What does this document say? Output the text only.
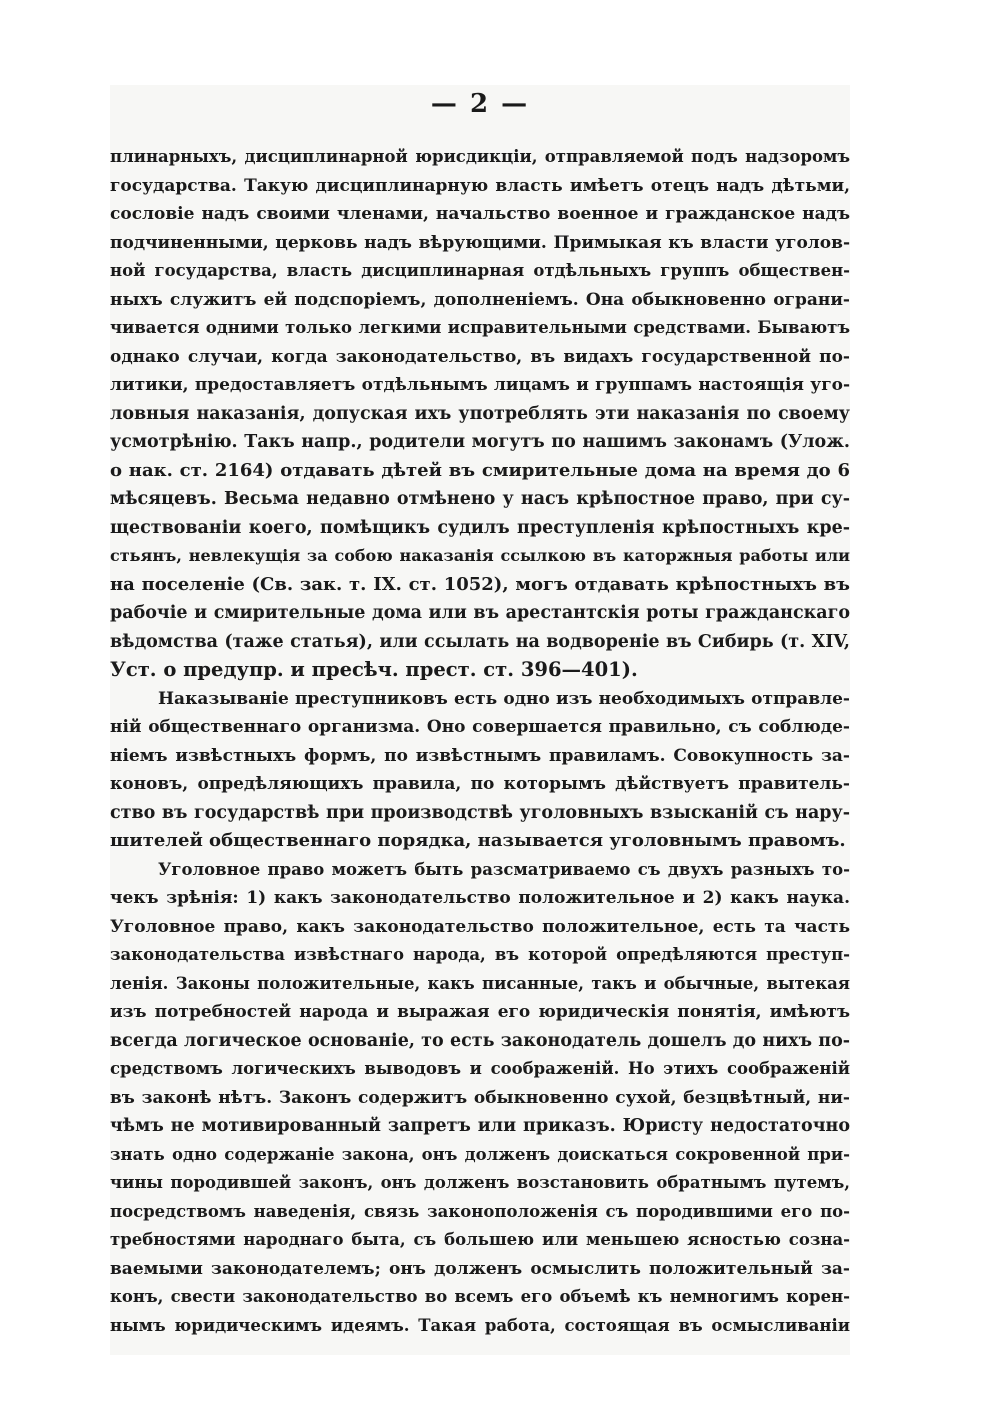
— 2 —
плинарныхъ, дисциплинарной юрисдикціи, отправляемой подъ надзоромъ
государства. Такую дисциплинарную власть имѣетъ отецъ надъ дѣтьми,
сословіе надъ своими членами, начальство военное и гражданское надъ
подчиненными, церковь надъ вѣрующими. Примыкая къ власти уголов-
ной государства, власть дисциплинарная отдѣльныхъ группъ обществен-
ныхъ служитъ ей подспоріемъ, дополненіемъ. Она обыкновенно ограни-
чивается одними только легкими исправительными средствами. Бываютъ
однако случаи, когда законодательство, въ видахъ государственной по-
литики, предоставляетъ отдѣльнымъ лицамъ и группамъ настоящія уго-
ловныя наказанія, допуская ихъ употреблять эти наказанія по своему
усмотрѣнію. Такъ напр., родители могутъ по нашимъ законамъ (Улож.
о нак. ст. 2164) отдавать дѣтей въ смирительные дома на время до 6
мѣсяцевъ. Весьма недавно отмѣнено у насъ крѣпостное право, при су-
ществованіи коего, помѣщикъ судилъ преступленія крѣпостныхъ кре-
стьянъ, невлекущія за собою наказанія ссылкою въ каторжныя работы или
на поселеніе (Св. зак. т. IX. ст. 1052), могъ отдавать крѣпостныхъ въ
рабочіе и смирительные дома или въ арестантскія роты гражданскаго
вѣдомства (таже статья), или ссылать на водвореніе въ Сибирь (т. XIV,
Уст. о предупр. и пресѣч. прест. ст. 396—401).
Наказываніе преступниковъ есть одно изъ необходимыхъ отправле-
ній общественнаго организма. Оно совершается правильно, съ соблюде-
ніемъ извѣстныхъ формъ, по извѣстнымъ правиламъ. Совокупность за-
коновъ, опредѣляющихъ правила, по которымъ дѣйствуетъ правитель-
ство въ государствѣ при производствѣ уголовныхъ взысканій съ нару-
шителей общественнаго порядка, называется уголовнымъ правомъ.
Уголовное право можетъ быть разсматриваемо съ двухъ разныхъ то-
чекъ зрѣнія: 1) какъ законодательство положительное и 2) какъ наука.
Уголовное право, какъ законодательство положительное, есть та часть
законодательства извѣстнаго народа, въ которой опредѣляются преступ-
ленія. Законы положительные, какъ писанные, такъ и обычные, вытекая
изъ потребностей народа и выражая его юридическія понятія, имѣютъ
всегда логическое основаніе, то есть законодатель дошелъ до нихъ по-
средствомъ логическихъ выводовъ и соображеній. Но этихъ соображеній
въ законѣ нѣтъ. Законъ содержитъ обыкновенно сухой, безцвѣтный, ни-
чѣмъ не мотивированный запретъ или приказъ. Юристу недостаточно
знать одно содержаніе закона, онъ долженъ доискаться сокровенной при-
чины породившей законъ, онъ долженъ возстановить обратнымъ путемъ,
посредствомъ наведенія, связь законоположенія съ породившими его по-
требностями народнаго быта, съ большею или меньшею ясностью созна-
ваемыми законодателемъ; онъ долженъ осмыслить положительный за-
конъ, свести законодательство во всемъ его объемѣ къ немногимъ корен-
нымъ юридическимъ идеямъ. Такая работа, состоящая въ осмысливаніи
